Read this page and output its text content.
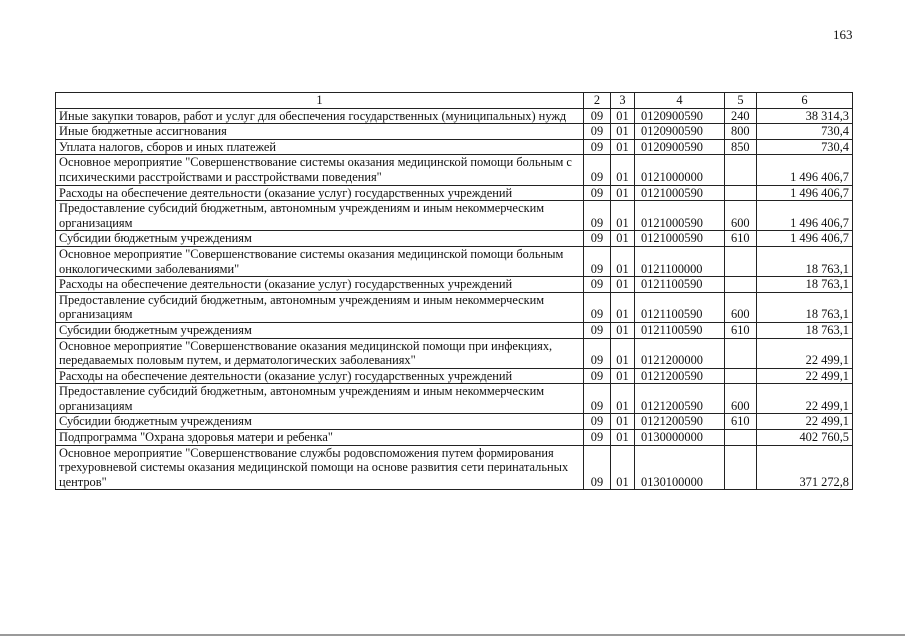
163
1	2	3	4	5	6
Иные закупки товаров, работ и услуг для обеспечения государственных (муниципальных) нужд	09	01	0120900590	240	38 314,3
Иные бюджетные ассигнования	09	01	0120900590	800	730,4
Уплата налогов, сборов и иных платежей	09	01	0120900590	850	730,4
Основное мероприятие "Совершенствование системы оказания медицинской помощи больным с психическими расстройствами и расстройствами поведения"	09	01	0121000000		1 496 406,7
Расходы на обеспечение деятельности (оказание услуг) государственных учреждений	09	01	0121000590		1 496 406,7
Предоставление субсидий бюджетным, автономным учреждениям и иным некоммерческим организациям	09	01	0121000590	600	1 496 406,7
Субсидии бюджетным учреждениям	09	01	0121000590	610	1 496 406,7
Основное мероприятие "Совершенствование системы оказания медицинской помощи больным онкологическими заболеваниями"	09	01	0121100000		18 763,1
Расходы на обеспечение деятельности (оказание услуг) государственных учреждений	09	01	0121100590		18 763,1
Предоставление субсидий бюджетным, автономным учреждениям и иным некоммерческим организациям	09	01	0121100590	600	18 763,1
Субсидии бюджетным учреждениям	09	01	0121100590	610	18 763,1
Основное мероприятие "Совершенствование оказания медицинской помощи при инфекциях, передаваемых половым путем, и дерматологических заболеваниях"	09	01	0121200000		22 499,1
Расходы на обеспечение деятельности (оказание услуг) государственных учреждений	09	01	0121200590		22 499,1
Предоставление субсидий бюджетным, автономным учреждениям и иным некоммерческим организациям	09	01	0121200590	600	22 499,1
Субсидии бюджетным учреждениям	09	01	0121200590	610	22 499,1
Подпрограмма "Охрана здоровья матери и ребенка"	09	01	0130000000		402 760,5
Основное мероприятие "Совершенствование службы родовспоможения путем формирования трехуровневой системы оказания медицинской помощи на основе развития сети перинатальных центров"	09	01	0130100000		371 272,8
